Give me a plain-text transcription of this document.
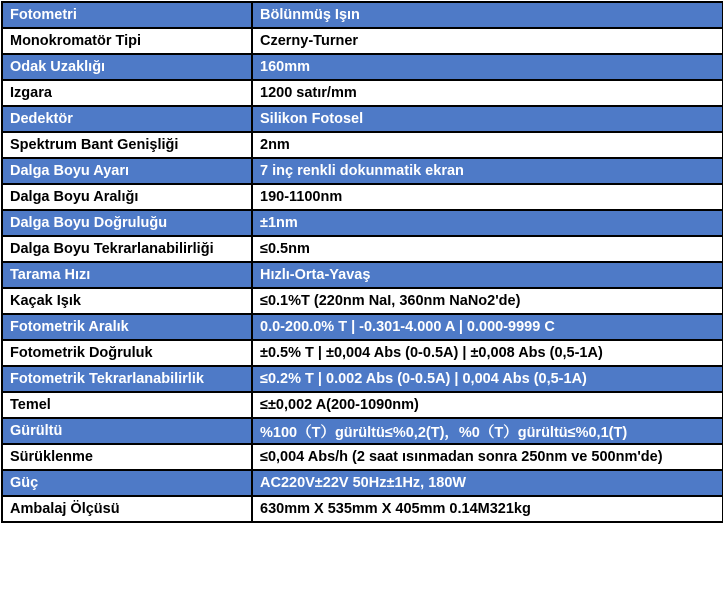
Fotometri	Bölünmüş Işın
Monokromatör Tipi	Czerny-Turner
Odak Uzaklığı	160mm
Izgara	1200 satır/mm
Dedektör	Silikon Fotosel
Spektrum Bant Genişliği	2nm
Dalga Boyu Ayarı	7 inç renkli dokunmatik ekran
Dalga Boyu Aralığı	190-1100nm
Dalga Boyu Doğruluğu	±1nm
Dalga Boyu Tekrarlanabilirliği	≤0.5nm
Tarama Hızı	Hızlı-Orta-Yavaş
Kaçak Işık	≤0.1%T (220nm NaI, 360nm NaNo2'de)
Fotometrik Aralık	0.0-200.0% T | -0.301-4.000 A | 0.000-9999 C
Fotometrik Doğruluk	±0.5% T | ±0,004 Abs (0-0.5A) | ±0,008 Abs (0,5-1A)
Fotometrik Tekrarlanabilirlik	≤0.2% T | 0.002 Abs (0-0.5A) | 0,004 Abs (0,5-1A)
Temel	≤±0,002 A(200-1090nm)
Gürültü	%100（T）gürültü≤%0,2(T)，%0（T）gürültü≤%0,1(T)
Sürüklenme	≤0,004 Abs/h (2 saat ısınmadan sonra 250nm ve 500nm'de)
Güç	AC220V±22V 50Hz±1Hz, 180W
Ambalaj Ölçüsü	630mm X 535mm X 405mm 0.14M321kg
